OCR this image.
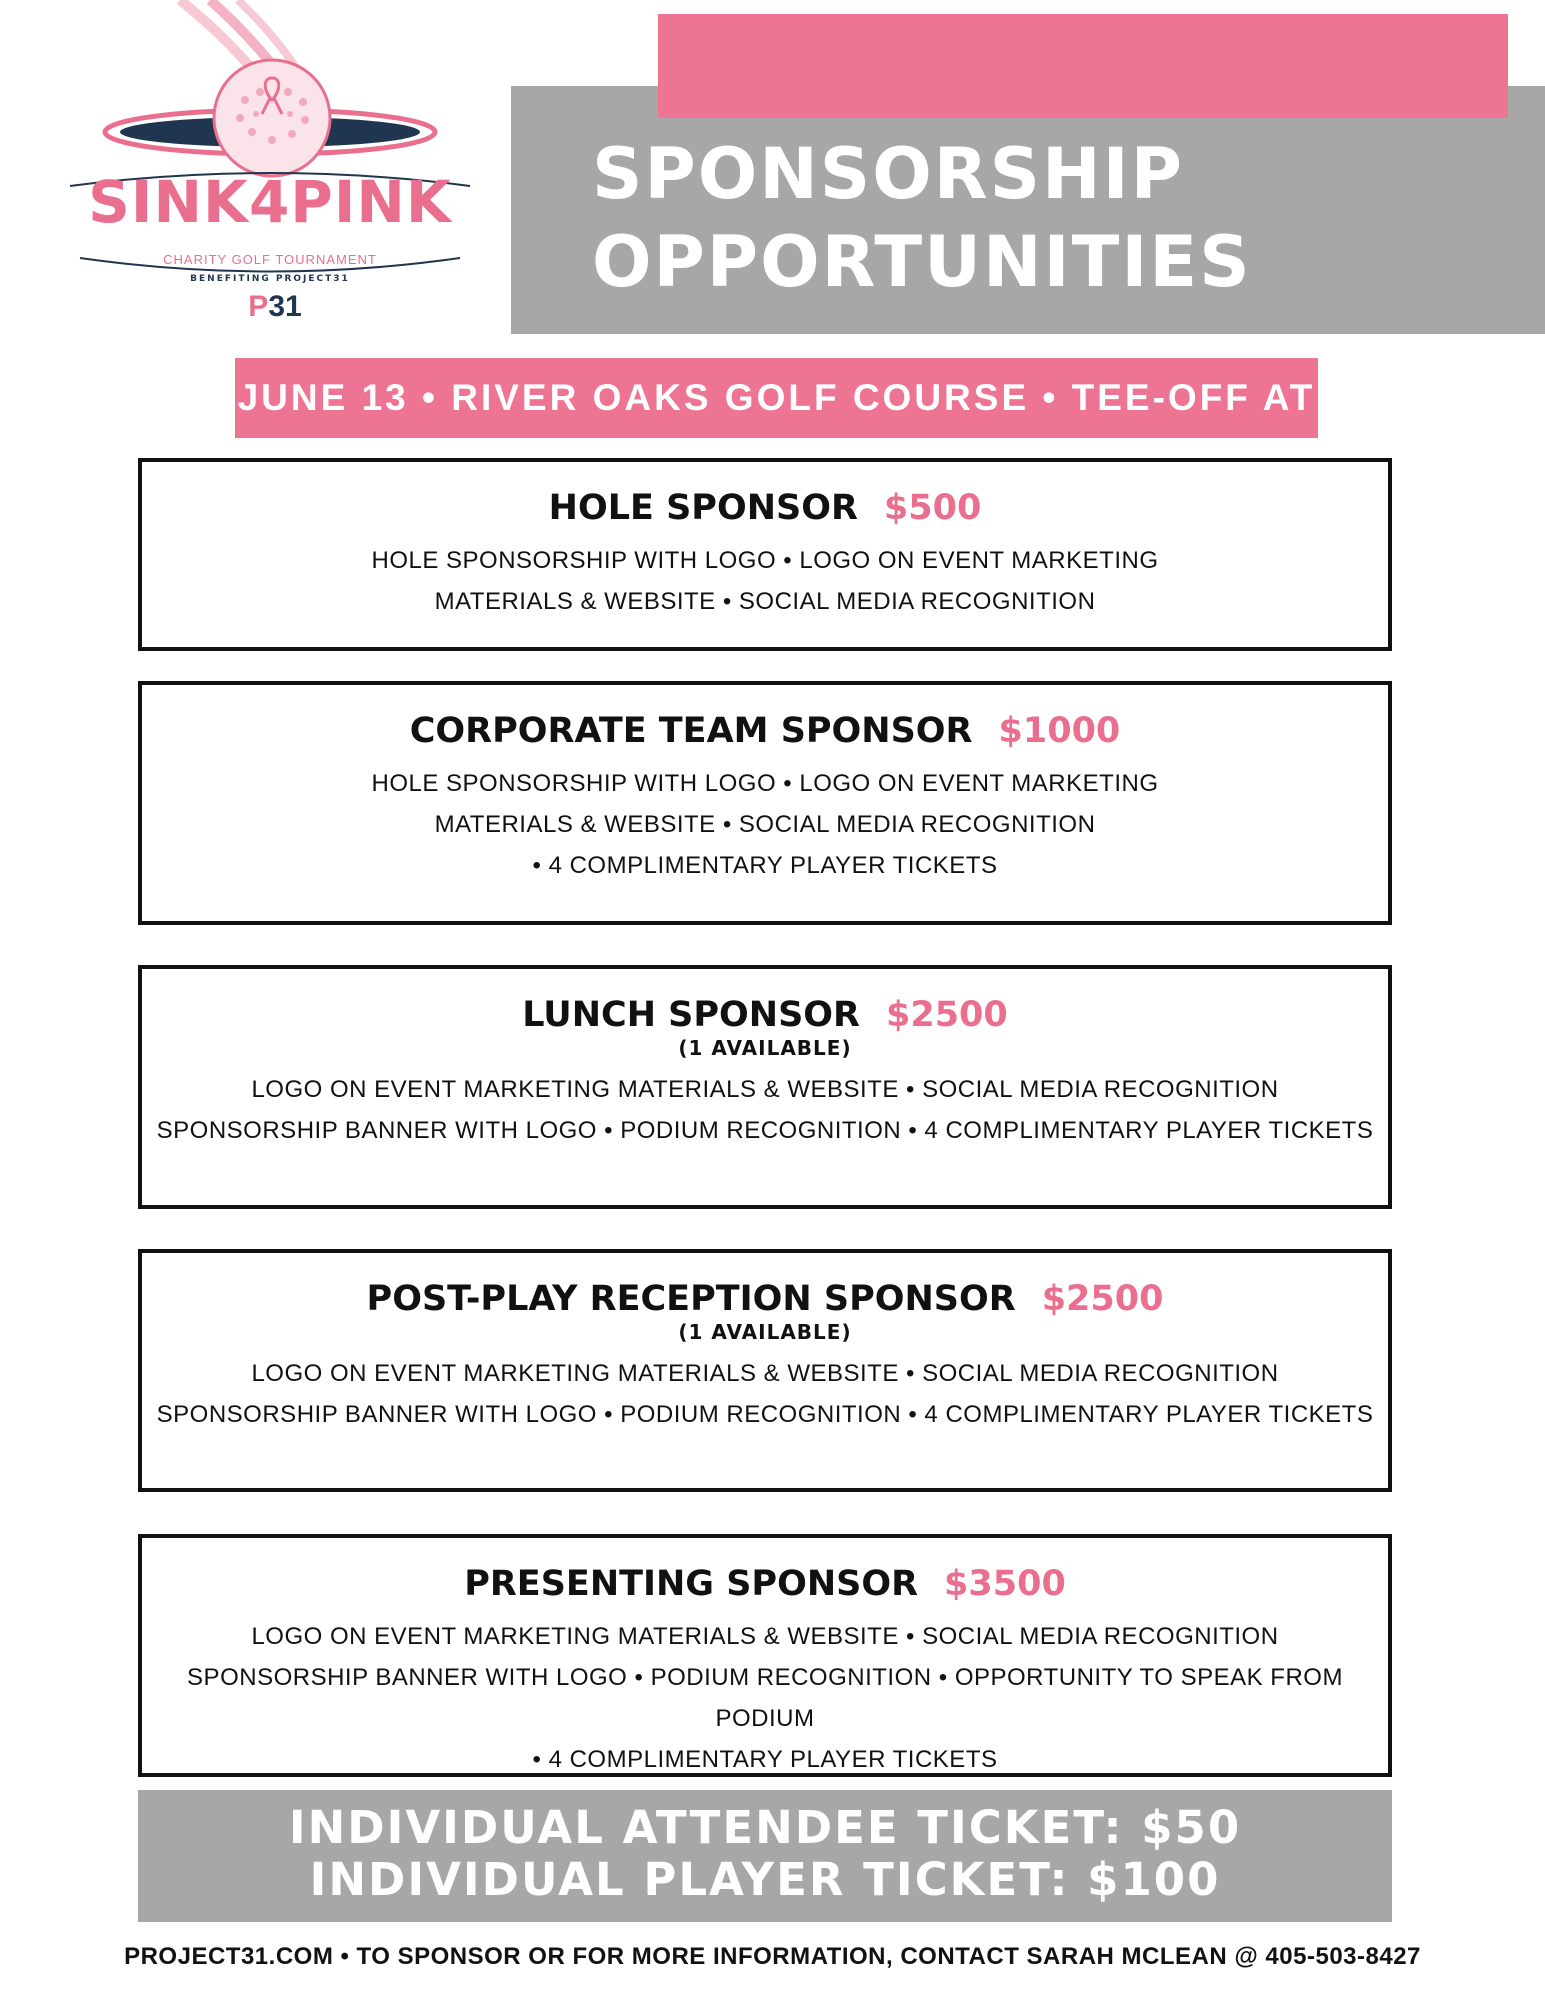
SINK4PINK
CHARITY GOLF TOURNAMENT
BENEFITING PROJECT31
P31
SPONSORSHIP
OPPORTUNITIES
JUNE 13 • RIVER OAKS GOLF COURSE • TEE-OFF AT
HOLE SPONSOR $500
HOLE SPONSORSHIP WITH LOGO • LOGO ON EVENT MARKETING
MATERIALS & WEBSITE • SOCIAL MEDIA RECOGNITION
CORPORATE TEAM SPONSOR $1000
HOLE SPONSORSHIP WITH LOGO • LOGO ON EVENT MARKETING
MATERIALS & WEBSITE • SOCIAL MEDIA RECOGNITION
• 4 COMPLIMENTARY PLAYER TICKETS
LUNCH SPONSOR $2500
(1 AVAILABLE)
LOGO ON EVENT MARKETING MATERIALS & WEBSITE • SOCIAL MEDIA RECOGNITION
SPONSORSHIP BANNER WITH LOGO • PODIUM RECOGNITION • 4 COMPLIMENTARY PLAYER TICKETS
POST-PLAY RECEPTION SPONSOR $2500
(1 AVAILABLE)
LOGO ON EVENT MARKETING MATERIALS & WEBSITE • SOCIAL MEDIA RECOGNITION
SPONSORSHIP BANNER WITH LOGO • PODIUM RECOGNITION • 4 COMPLIMENTARY PLAYER TICKETS
PRESENTING SPONSOR $3500
LOGO ON EVENT MARKETING MATERIALS & WEBSITE • SOCIAL MEDIA RECOGNITION
SPONSORSHIP BANNER WITH LOGO • PODIUM RECOGNITION • OPPORTUNITY TO SPEAK FROM PODIUM
• 4 COMPLIMENTARY PLAYER TICKETS
INDIVIDUAL ATTENDEE TICKET: $50
INDIVIDUAL PLAYER TICKET: $100
PROJECT31.COM • TO SPONSOR OR FOR MORE INFORMATION, CONTACT SARAH MCLEAN @ 405-503-8427
